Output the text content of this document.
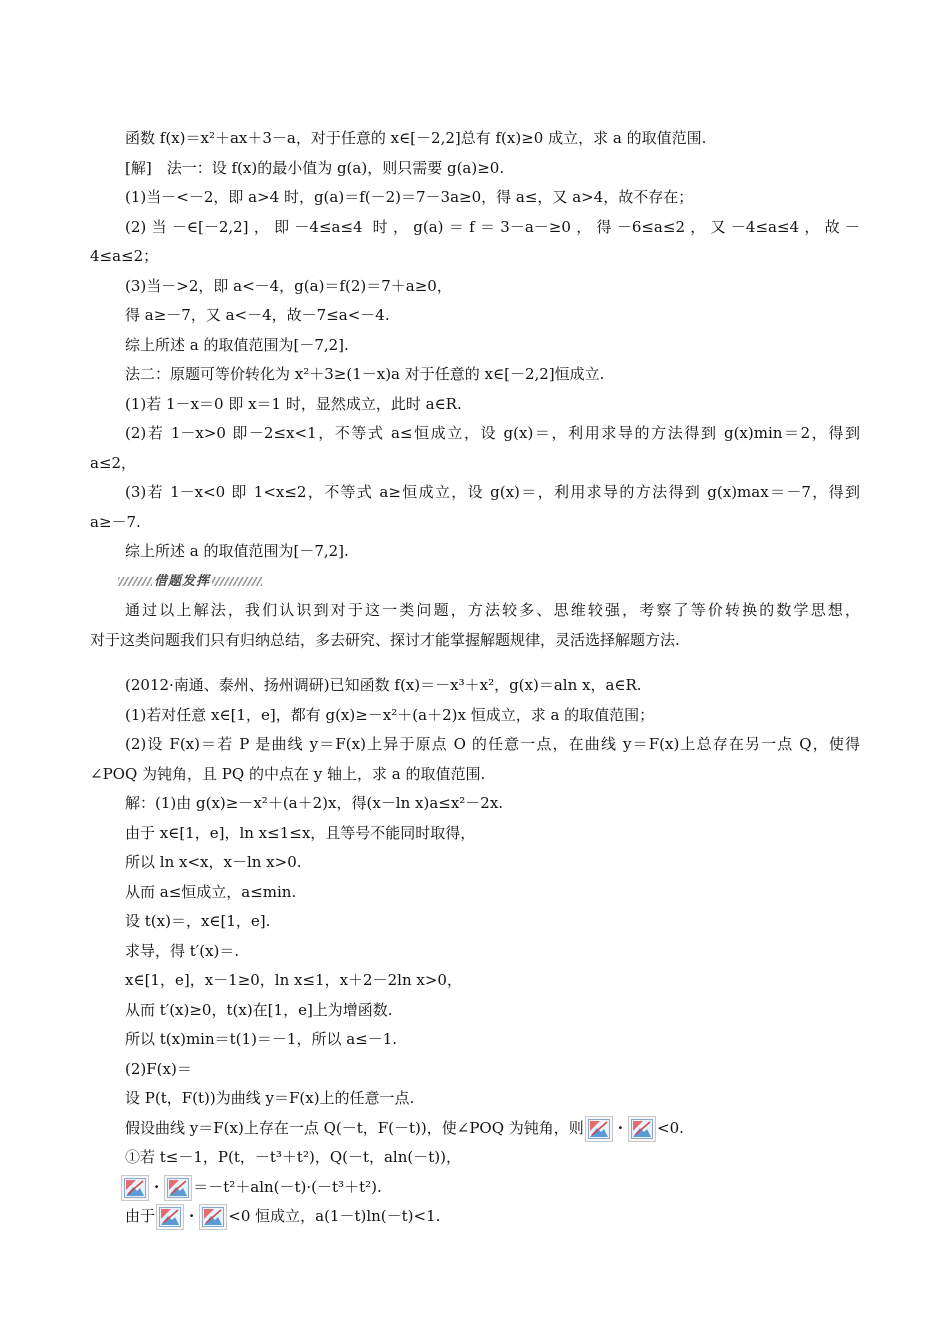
函数 f(x)＝x²＋ax＋3－a，对于任意的 x∈[－2,2]总有 f(x)≥0 成立，求 a 的取值范围.
[解]　法一：设 f(x)的最小值为 g(a)，则只需要 g(a)≥0.
(1)当－<－2，即 a>4 时，g(a)＝f(－2)＝7－3a≥0，得 a≤，又 a>4，故不存在；
(2)当－∈[－2,2]，即－4≤a≤4 时，g(a)＝f＝3－a－≥0，得－6≤a≤2，又－4≤a≤4，故－
4≤a≤2；
(3)当－>2，即 a<－4，g(a)＝f(2)＝7＋a≥0，
得 a≥－7，又 a<－4，故－7≤a<－4.
综上所述 a 的取值范围为[－7,2].
法二：原题可等价转化为 x²＋3≥(1－x)a 对于任意的 x∈[－2,2]恒成立.
(1)若 1－x＝0 即 x＝1 时，显然成立，此时 a∈R.
(2)若 1－x>0 即－2≤x<1，不等式 a≤恒成立，设 g(x)＝，利用求导的方法得到 g(x)min＝2，得到
a≤2，
(3)若 1－x<0 即 1<x≤2，不等式 a≥恒成立，设 g(x)＝，利用求导的方法得到 g(x)max＝－7，得到
a≥－7.
综上所述 a 的取值范围为[－7,2].
借题发挥
通过以上解法，我们认识到对于这一类问题，方法较多、思维较强，考察了等价转换的数学思想，
对于这类问题我们只有归纳总结，多去研究、探讨才能掌握解题规律，灵活选择解题方法.
(2012·南通、泰州、扬州调研)已知函数 f(x)＝－x³＋x²，g(x)＝aln x，a∈R.
(1)若对任意 x∈[1，e]，都有 g(x)≥－x²＋(a＋2)x 恒成立，求 a 的取值范围；
(2)设 F(x)＝若 P 是曲线 y＝F(x)上异于原点 O 的任意一点，在曲线 y＝F(x)上总存在另一点 Q，使得
∠POQ 为钝角，且 PQ 的中点在 y 轴上，求 a 的取值范围.
解：(1)由 g(x)≥－x²＋(a＋2)x，得(x－ln x)a≤x²－2x.
由于 x∈[1，e]，ln x≤1≤x，且等号不能同时取得，
所以 ln x<x，x－ln x>0.
从而 a≤恒成立，a≤min.
设 t(x)＝，x∈[1，e].
求导，得 t′(x)＝.
x∈[1，e]，x－1≥0，ln x≤1，x＋2－2ln x>0，
从而 t′(x)≥0，t(x)在[1，e]上为增函数.
所以 t(x)min＝t(1)＝－1，所以 a≤－1.
(2)F(x)＝
设 P(t，F(t))为曲线 y＝F(x)上的任意一点.
假设曲线 y＝F(x)上存在一点 Q(－t，F(－t))，使∠POQ 为钝角，则 · <0.
①若 t≤－1，P(t，－t³＋t²)，Q(－t，aln(－t))，
· ＝－t²＋aln(－t)·(－t³＋t²).
由于 · <0 恒成立，a(1－t)ln(－t)<1.
